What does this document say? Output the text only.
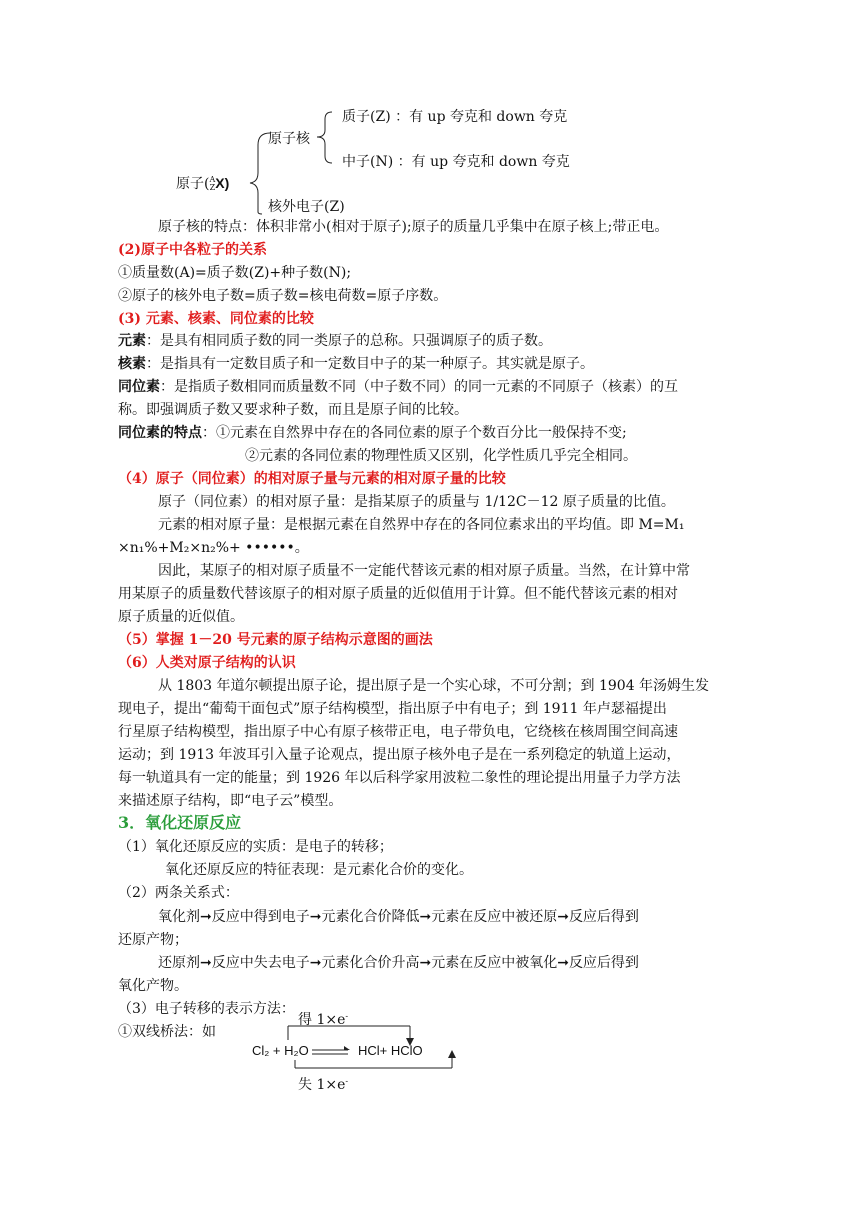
质子(Z) ：有 up 夸克和 down 夸克
原子核
中子(N) ：有 up 夸克和 down 夸克
原子(A
ZX)
核外电子(Z)
原子核的特点：体积非常小(相对于原子);原子的质量几乎集中在原子核上;带正电。
(2)原子中各粒子的关系
①质量数(A)=质子数(Z)+种子数(N);
②原子的核外电子数=质子数=核电荷数=原子序数。
(3) 元素、核素、同位素的比较
元素：是具有相同质子数的同一类原子的总称。只强调原子的质子数。
核素：是指具有一定数目质子和一定数目中子的某一种原子。其实就是原子。
同位素：是指质子数相同而质量数不同（中子数不同）的同一元素的不同原子（核素）的互
称。即强调质子数又要求种子数，而且是原子间的比较。
同位素的特点：①元素在自然界中存在的各同位素的原子个数百分比一般保持不变;
②元素的各同位素的物理性质又区别，化学性质几乎完全相同。
（4）原子（同位素）的相对原子量与元素的相对原子量的比较
原子（同位素）的相对原子量：是指某原子的质量与 1/12C－12 原子质量的比值。
元素的相对原子量：是根据元素在自然界中存在的各同位素求出的平均值。即 M=M₁
×n₁%+M₂×n₂%+ ••••••。
因此，某原子的相对原子质量不一定能代替该元素的相对原子质量。当然，在计算中常
用某原子的质量数代替该原子的相对原子质量的近似值用于计算。但不能代替该元素的相对
原子质量的近似值。
（5）掌握 1－20 号元素的原子结构示意图的画法
（6）人类对原子结构的认识
从 1803 年道尔顿提出原子论，提出原子是一个实心球，不可分割；到 1904 年汤姆生发
现电子，提出“葡萄干面包式”原子结构模型，指出原子中有电子；到 1911 年卢瑟福提出
行星原子结构模型，指出原子中心有原子核带正电，电子带负电，它绕核在核周围空间高速
运动；到 1913 年波耳引入量子论观点，提出原子核外电子是在一系列稳定的轨道上运动，
每一轨道具有一定的能量；到 1926 年以后科学家用波粒二象性的理论提出用量子力学方法
来描述原子结构，即“电子云”模型。
3．氧化还原反应
（1）氧化还原反应的实质：是电子的转移；
氧化还原反应的特征表现：是元素化合价的变化。
（2）两条关系式：
氧化剂➞反应中得到电子➞元素化合价降低➞元素在反应中被还原➞反应后得到
还原产物；
还原剂➞反应中失去电子➞元素化合价升高➞元素在反应中被氧化➞反应后得到
氧化产物。
（3）电子转移的表示方法：
①双线桥法：如
得 1×e-
Cl₂ + H₂O	HCl+ HClO
失 1×e-
